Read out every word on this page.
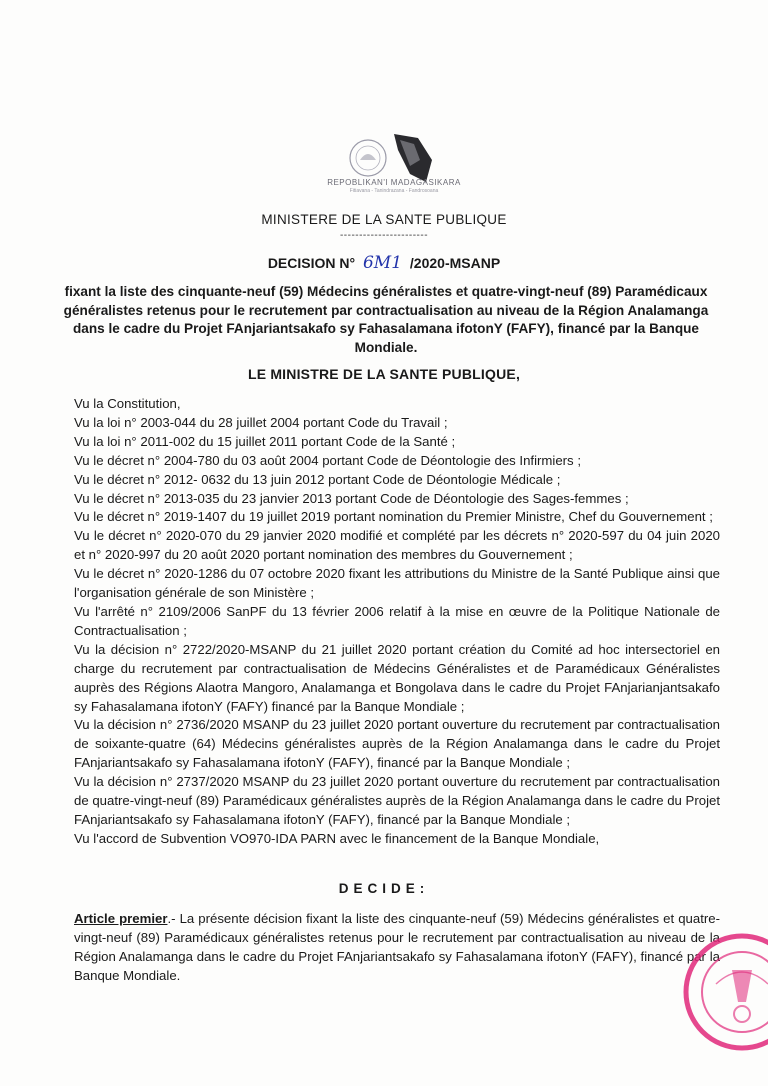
REPOBLIKAN'I MADAGASIKARA
Fitiavana - Tanindrazana - Fandrosoana
MINISTERE DE LA SANTE PUBLIQUE
-----------------------
DECISION N° 6M1 /2020-MSANP
fixant la liste des cinquante-neuf (59) Médecins généralistes et quatre-vingt-neuf (89) Paramédicaux généralistes retenus pour le recrutement par contractualisation au niveau de la Région Analamanga dans le cadre du Projet FAnjariantsakafo sy Fahasalamana ifotonY (FAFY), financé par la Banque Mondiale.
LE MINISTRE DE LA SANTE PUBLIQUE,

Vu la Constitution,

Vu la loi n° 2003-044 du 28 juillet 2004 portant Code du Travail ;

Vu la loi n° 2011-002 du 15 juillet 2011 portant Code de la Santé ;

Vu le décret n° 2004-780 du 03 août 2004 portant Code de Déontologie des Infirmiers ;

Vu le décret n° 2012- 0632 du 13 juin 2012 portant Code de Déontologie Médicale ;

Vu le décret n° 2013-035 du 23 janvier 2013 portant Code de Déontologie des Sages-femmes ;

Vu le décret n° 2019-1407 du 19 juillet 2019 portant nomination du Premier Ministre, Chef du Gouvernement ;

Vu le décret n° 2020-070 du 29 janvier 2020 modifié et complété par les décrets n° 2020-597 du 04 juin 2020 et n° 2020-997 du 20 août 2020 portant nomination des membres du Gouvernement ;

Vu le décret n° 2020-1286 du 07 octobre 2020 fixant les attributions du Ministre de la Santé Publique ainsi que l'organisation générale de son Ministère ;

Vu l'arrêté n° 2109/2006 SanPF du 13 février 2006 relatif à la mise en œuvre de la Politique Nationale de Contractualisation ;

Vu la décision n° 2722/2020-MSANP du 21 juillet 2020 portant création du Comité ad hoc intersectoriel en charge du recrutement par contractualisation de Médecins Généralistes et de Paramédicaux Généralistes auprès des Régions Alaotra Mangoro, Analamanga et Bongolava dans le cadre du Projet FAnjarianjantsakafo sy Fahasalamana ifotonY (FAFY) financé par la Banque Mondiale ;

Vu la décision n° 2736/2020 MSANP du 23 juillet 2020 portant ouverture du recrutement par contractualisation de soixante-quatre (64) Médecins généralistes auprès de la Région Analamanga dans le cadre du Projet FAnjariantsakafo sy Fahasalamana ifotonY (FAFY), financé par la Banque Mondiale ;

Vu la décision n° 2737/2020 MSANP du 23 juillet 2020 portant ouverture du recrutement par contractualisation de quatre-vingt-neuf (89) Paramédicaux généralistes auprès de la Région Analamanga dans le cadre du Projet FAnjariantsakafo sy Fahasalamana ifotonY (FAFY), financé par la Banque Mondiale ;

Vu l'accord de Subvention VO970-IDA PARN avec le financement de la Banque Mondiale,

DECIDE:
Article premier.- La présente décision fixant la liste des cinquante-neuf (59) Médecins généralistes et quatre-vingt-neuf (89) Paramédicaux généralistes retenus pour le recrutement par contractualisation au niveau de la Région Analamanga dans le cadre du Projet FAnjariantsakafo sy Fahasalamana ifotonY (FAFY), financé par la Banque Mondiale.
